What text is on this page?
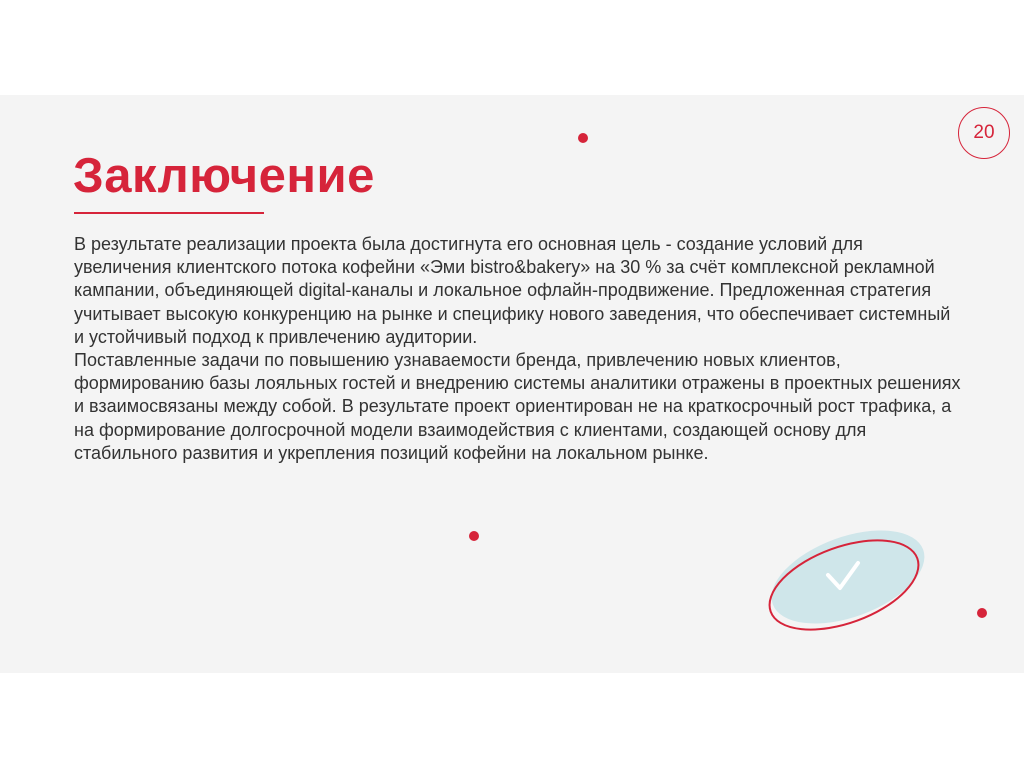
20
Заключение

В результате реализации проекта была достигнута его основная цель - создание условий для увеличения клиентского потока кофейни «Эми bistro&bakery» на 30 % за счёт комплексной рекламной кампании, объединяющей digital-каналы и локальное офлайн-продвижение. Предложенная стратегия учитывает высокую конкуренцию на рынке и специфику нового заведения, что обеспечивает системный и устойчивый подход к привлечению аудитории.

Поставленные задачи по повышению узнаваемости бренда, привлечению новых клиентов, формированию базы лояльных гостей и внедрению системы аналитики отражены в проектных решениях и взаимосвязаны между собой. В результате проект ориентирован не на краткосрочный рост трафика, а на формирование долгосрочной модели взаимодействия с клиентами, создающей основу для стабильного развития и укрепления позиций кофейни на локальном рынке.
